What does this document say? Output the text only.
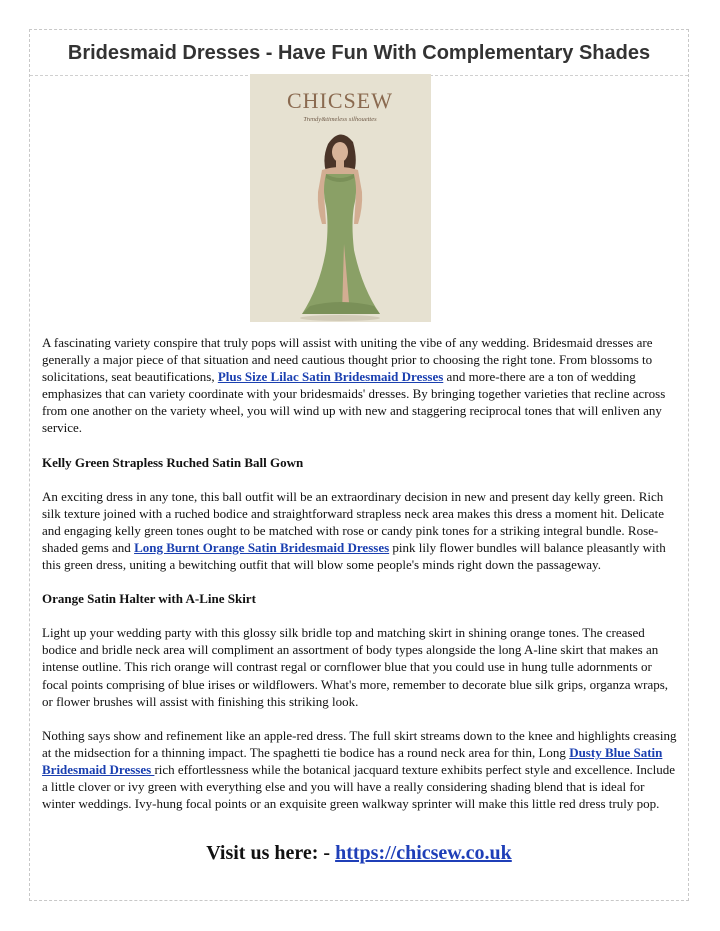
Bridesmaid Dresses - Have Fun With Complementary Shades
CHICSEW
Trendy&timeless silhouettes

A fascinating variety conspire that truly pops will assist with uniting the vibe of any wedding. Bridesmaid dresses are generally a major piece of that situation and need cautious thought prior to choosing the right tone. From blossoms to solicitations, seat beautifications, Plus Size Lilac Satin Bridesmaid Dresses and more-there are a ton of wedding emphasizes that can variety coordinate with your bridesmaids' dresses. By bringing together varieties that recline across from one another on the variety wheel, you will wind up with new and staggering reciprocal tones that will enliven any service.

Kelly Green Strapless Ruched Satin Ball Gown

An exciting dress in any tone, this ball outfit will be an extraordinary decision in new and present day kelly green. Rich silk texture joined with a ruched bodice and straightforward strapless neck area makes this dress a moment hit. Delicate and engaging kelly green tones ought to be matched with rose or candy pink tones for a striking integral bundle. Rose-shaded gems and Long Burnt Orange Satin Bridesmaid Dresses pink lily flower bundles will balance pleasantly with this green dress, uniting a bewitching outfit that will blow some people's minds right down the passageway.

Orange Satin Halter with A-Line Skirt

Light up your wedding party with this glossy silk bridle top and matching skirt in shining orange tones. The creased bodice and bridle neck area will compliment an assortment of body types alongside the long A-line skirt that makes an intense outline. This rich orange will contrast regal or cornflower blue that you could use in hung tulle adornments or focal points comprising of blue irises or wildflowers. What's more, remember to decorate blue silk grips, organza wraps, or flower brushes will assist with finishing this striking look.

Nothing says show and refinement like an apple-red dress. The full skirt streams down to the knee and highlights creasing at the midsection for a thinning impact. The spaghetti tie bodice has a round neck area for thin, Long Dusty Blue Satin Bridesmaid Dresses rich effortlessness while the botanical jacquard texture exhibits perfect style and excellence. Include a little clover or ivy green with everything else and you will have a really considering shading blend that is ideal for winter weddings. Ivy-hung focal points or an exquisite green walkway sprinter will make this little red dress truly pop.

Visit us here: - https://chicsew.co.uk
